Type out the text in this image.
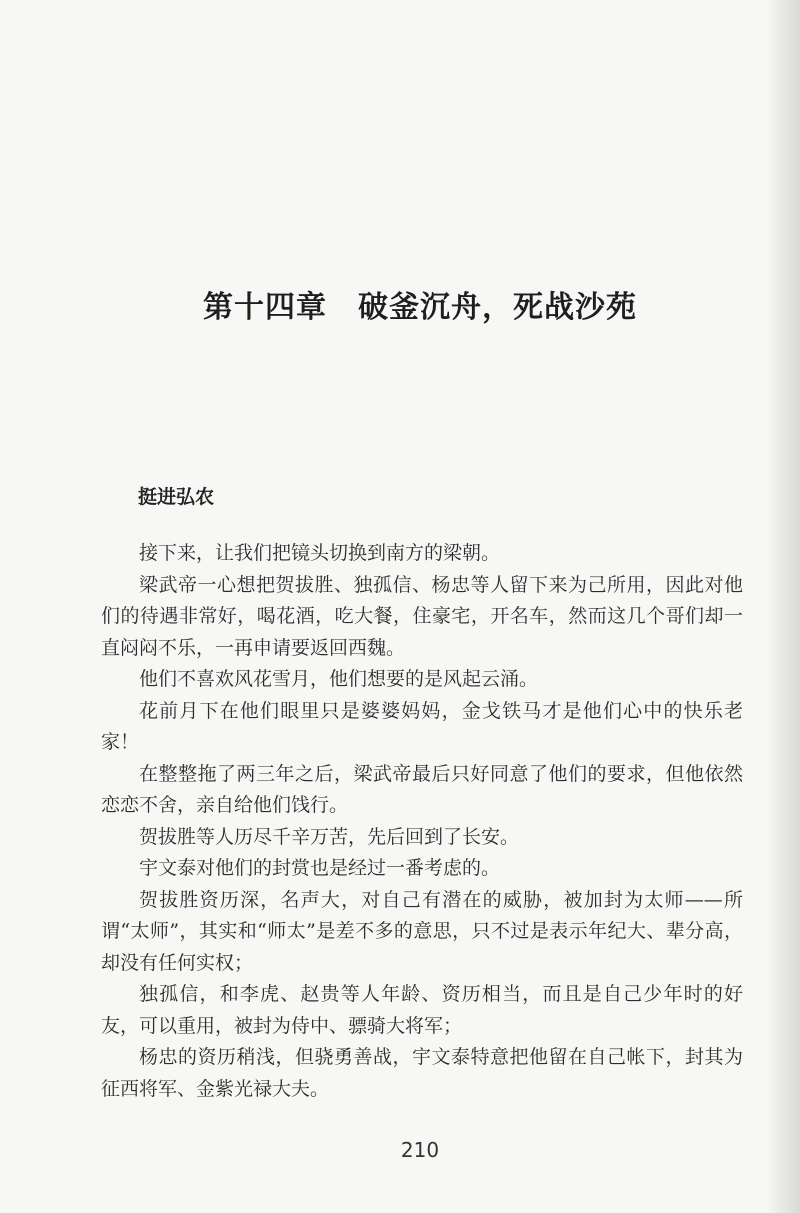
第十四章　破釜沉舟，死战沙苑
挺进弘农

接下来，让我们把镜头切换到南方的梁朝。

梁武帝一心想把贺拔胜、独孤信、杨忠等人留下来为己所用，因此对他们的待遇非常好，喝花酒，吃大餐，住豪宅，开名车，然而这几个哥们却一直闷闷不乐，一再申请要返回西魏。

他们不喜欢风花雪月，他们想要的是风起云涌。

花前月下在他们眼里只是婆婆妈妈，金戈铁马才是他们心中的快乐老家！

在整整拖了两三年之后，梁武帝最后只好同意了他们的要求，但他依然恋恋不舍，亲自给他们饯行。

贺拔胜等人历尽千辛万苦，先后回到了长安。

宇文泰对他们的封赏也是经过一番考虑的。

贺拔胜资历深，名声大，对自己有潜在的威胁，被加封为太师——所谓“太师”，其实和“师太”是差不多的意思，只不过是表示年纪大、辈分高，却没有任何实权；

独孤信，和李虎、赵贵等人年龄、资历相当，而且是自己少年时的好友，可以重用，被封为侍中、骠骑大将军；

杨忠的资历稍浅，但骁勇善战，宇文泰特意把他留在自己帐下，封其为征西将军、金紫光禄大夫。

210
